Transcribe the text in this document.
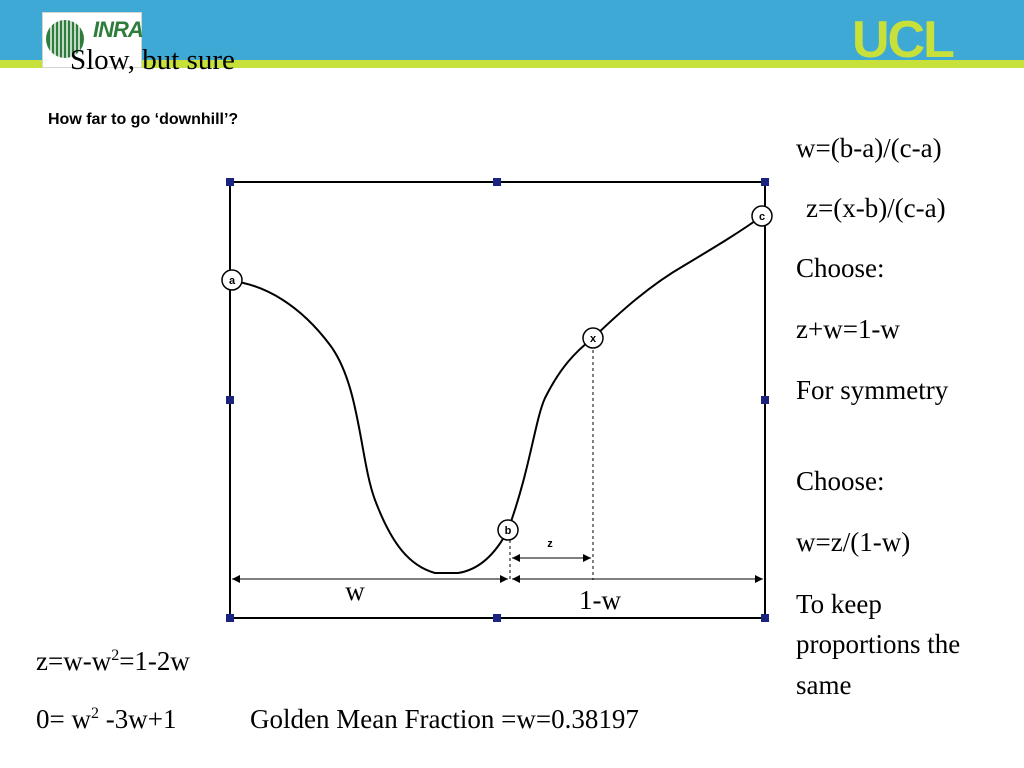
INRA	UCL
Slow, but sure
How far to go ‘downhill’?
a
b
c
x
z
w	1-w
w=(b-a)/(c-a)
z=(x-b)/(c-a)
Choose:
z+w=1-w
For symmetry
Choose:
w=z/(1-w)
To keep
proportions the
same
$z=w-w^2=1-2w$
$0= w^2$ -3w+1	Golden Mean Fraction =w=0.38197
